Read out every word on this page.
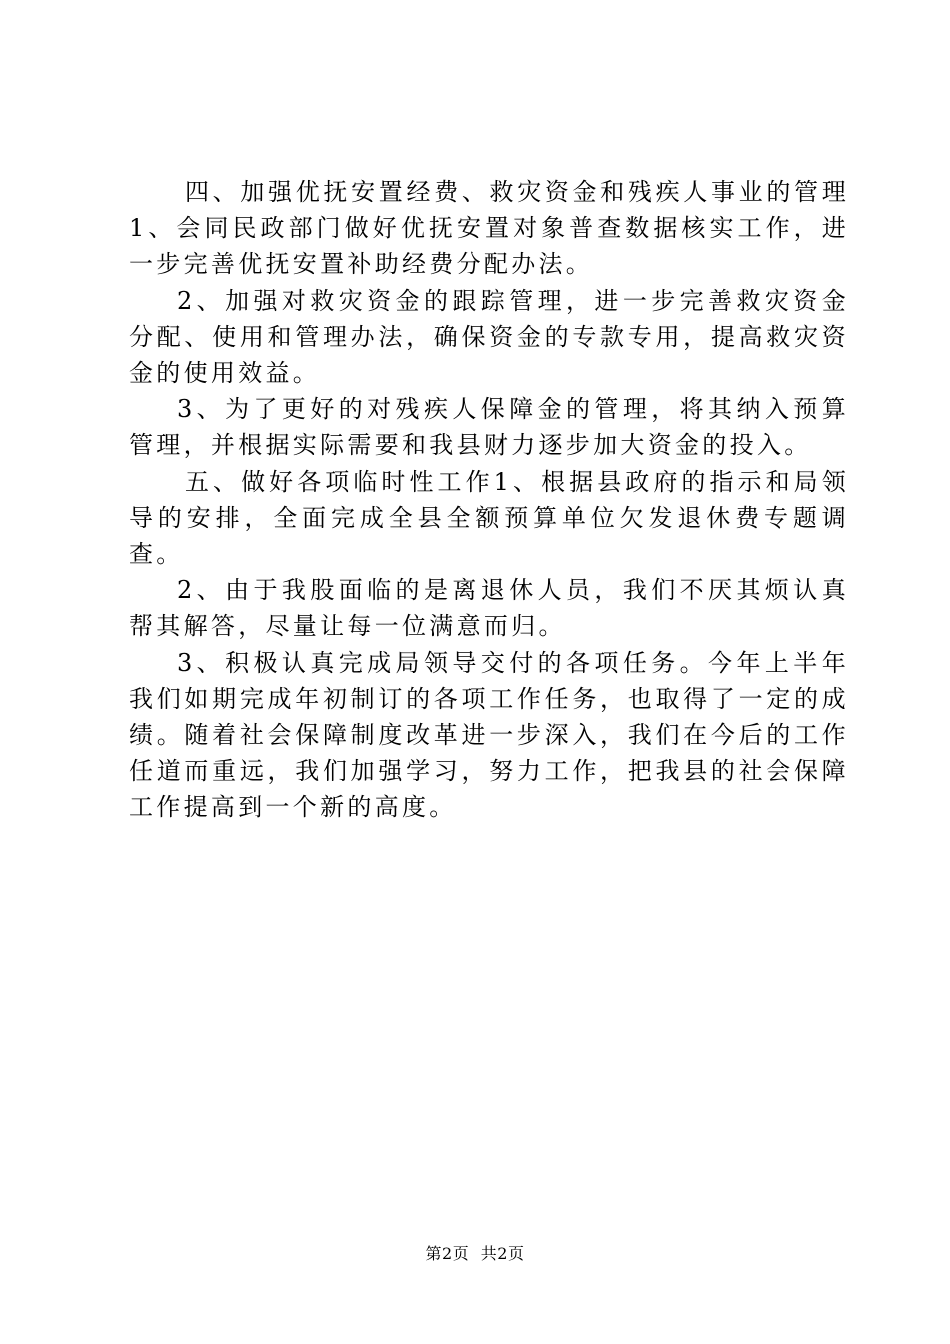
四、加强优抚安置经费、救灾资金和残疾人事业的管理1、会同民政部门做好优抚安置对象普查数据核实工作，进一步完善优抚安置补助经费分配办法。

2、加强对救灾资金的跟踪管理，进一步完善救灾资金分配、使用和管理办法，确保资金的专款专用，提高救灾资金的使用效益。

3、为了更好的对残疾人保障金的管理，将其纳入预算管理，并根据实际需要和我县财力逐步加大资金的投入。

五、做好各项临时性工作1、根据县政府的指示和局领导的安排，全面完成全县全额预算单位欠发退休费专题调查。

2、由于我股面临的是离退休人员，我们不厌其烦认真帮其解答，尽量让每一位满意而归。

3、积极认真完成局领导交付的各项任务。今年上半年我们如期完成年初制订的各项工作任务，也取得了一定的成绩。随着社会保障制度改革进一步深入，我们在今后的工作任道而重远，我们加强学习，努力工作，把我县的社会保障工作提高到一个新的高度。

第2页 共2页
